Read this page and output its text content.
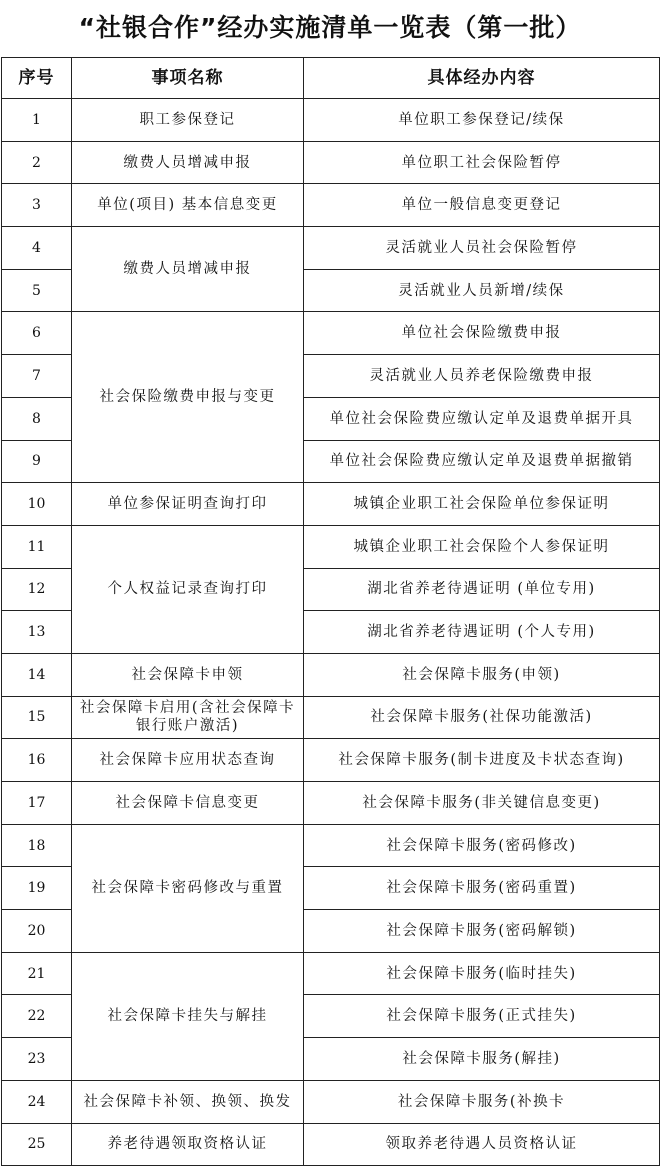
“社银合作”经办实施清单一览表（第一批）
序号	事项名称	具体经办内容
1	职工参保登记	单位职工参保登记/续保
2	缴费人员增减申报	单位职工社会保险暂停
3	单位(项目) 基本信息变更	单位一般信息变更登记
4	缴费人员增减申报	灵活就业人员社会保险暂停
5		灵活就业人员新增/续保
6	社会保险缴费申报与变更	单位社会保险缴费申报
7		灵活就业人员养老保险缴费申报
8		单位社会保险费应缴认定单及退费单据开具
9		单位社会保险费应缴认定单及退费单据撤销
10	单位参保证明查询打印	城镇企业职工社会保险单位参保证明
11	个人权益记录查询打印	城镇企业职工社会保险个人参保证明
12		湖北省养老待遇证明 (单位专用)
13		湖北省养老待遇证明 (个人专用)
14	社会保障卡申领	社会保障卡服务(申领)
15	社会保障卡启用(含社会保障卡银行账户激活)	社会保障卡服务(社保功能激活)
16	社会保障卡应用状态查询	社会保障卡服务(制卡进度及卡状态查询)
17	社会保障卡信息变更	社会保障卡服务(非关键信息变更)
18	社会保障卡密码修改与重置	社会保障卡服务(密码修改)
19		社会保障卡服务(密码重置)
20		社会保障卡服务(密码解锁)
21	社会保障卡挂失与解挂	社会保障卡服务(临时挂失)
22		社会保障卡服务(正式挂失)
23		社会保障卡服务(解挂)
24	社会保障卡补领、换领、换发	社会保障卡服务(补换卡
25	养老待遇领取资格认证	领取养老待遇人员资格认证
